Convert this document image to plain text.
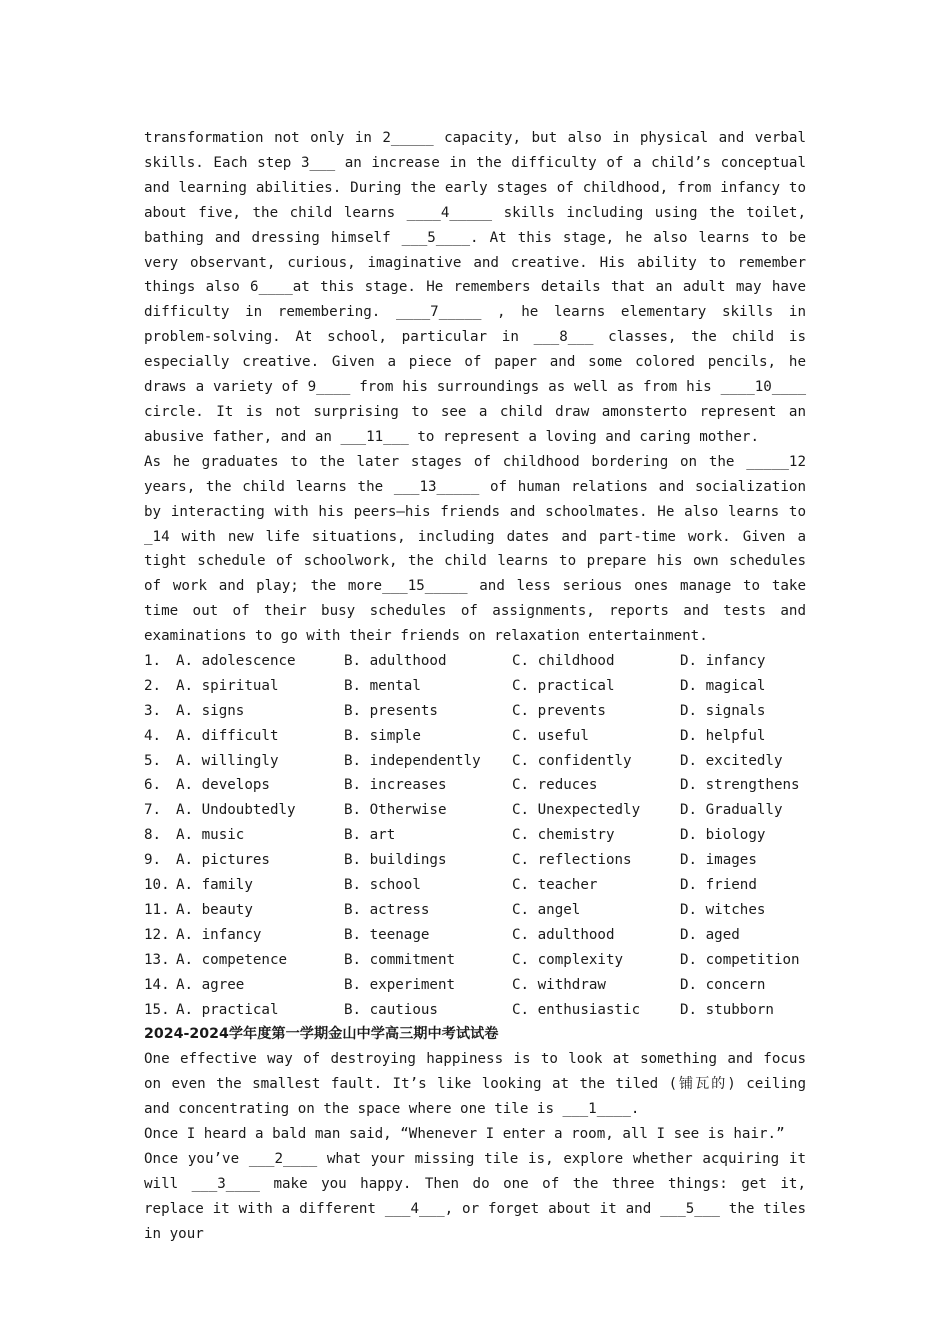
transformation not only in 2_____ capacity, but also in physical and verbal skills. Each step 3___ an increase in the difficulty of a child’s conceptual and learning abilities. During the early stages of childhood, from infancy to about five, the child learns ____4_____ skills including using the toilet, bathing and dressing himself ___5____. At this stage, he also learns to be very observant, curious, imaginative and creative. His ability to remember things also 6____at this stage. He remembers details that an adult may have difficulty in remembering. ____7_____ , he learns elementary skills in problem-solving. At school, particular in ___8___ classes, the child is especially creative. Given a piece of paper and some colored pencils, he draws a variety of 9____ from his surroundings as well as from his ____10____ circle. It is not surprising to see a child draw amonsterto represent an abusive father, and an ___11___ to represent a loving and caring mother.

As he graduates to the later stages of childhood bordering on the _____12 years, the child learns the ___13_____ of human relations and socialization by interacting with his peers—his friends and schoolmates. He also learns to _14 with new life situations, including dates and part-time work. Given a tight schedule of schoolwork, the child learns to prepare his own schedules of work and play; the more___15_____ and less serious ones manage to take time out of their busy schedules of assignments, reports and tests and examinations to go with their friends on relaxation entertainment.

1.	A. adolescence	B. adulthood	C. childhood	D. infancy
2.	A. spiritual	B. mental	C. practical	D. magical
3.	A. signs	B. presents	C. prevents	D. signals
4.	A. difficult	B. simple	C. useful	D. helpful
5.	A. willingly	B. independently	C. confidently	D. excitedly
6.	A. develops	B. increases	C. reduces	D. strengthens
7.	A. Undoubtedly	B. Otherwise	C. Unexpectedly	D. Gradually
8.	A. music	B. art	C. chemistry	D. biology
9.	A. pictures	B. buildings	C. reflections	D. images
10. A. family	B. school	C. teacher	D. friend
11. A. beauty	B. actress	C. angel	D. witches
12. A. infancy	B. teenage	C. adulthood	D. aged
13. A. competence	B. commitment	C. complexity	D. competition
14. A. agree	B. experiment	C. withdraw	D. concern
15. A. practical	B. cautious	C. enthusiastic	D. stubborn

2024-2024学年度第一学期金山中学高三期中考试试卷

One effective way of destroying happiness is to look at something and focus on even the smallest fault. It’s like looking at the tiled (铺瓦的) ceiling and concentrating on the space where one tile is ___1____.

Once I heard a bald man said, “Whenever I enter a room, all I see is hair.”

Once you’ve ___2____ what your missing tile is, explore whether acquiring it will ___3____ make you happy. Then do one of the three things: get it, replace it with a different ___4___, or forget about it and ___5___ the tiles in your
